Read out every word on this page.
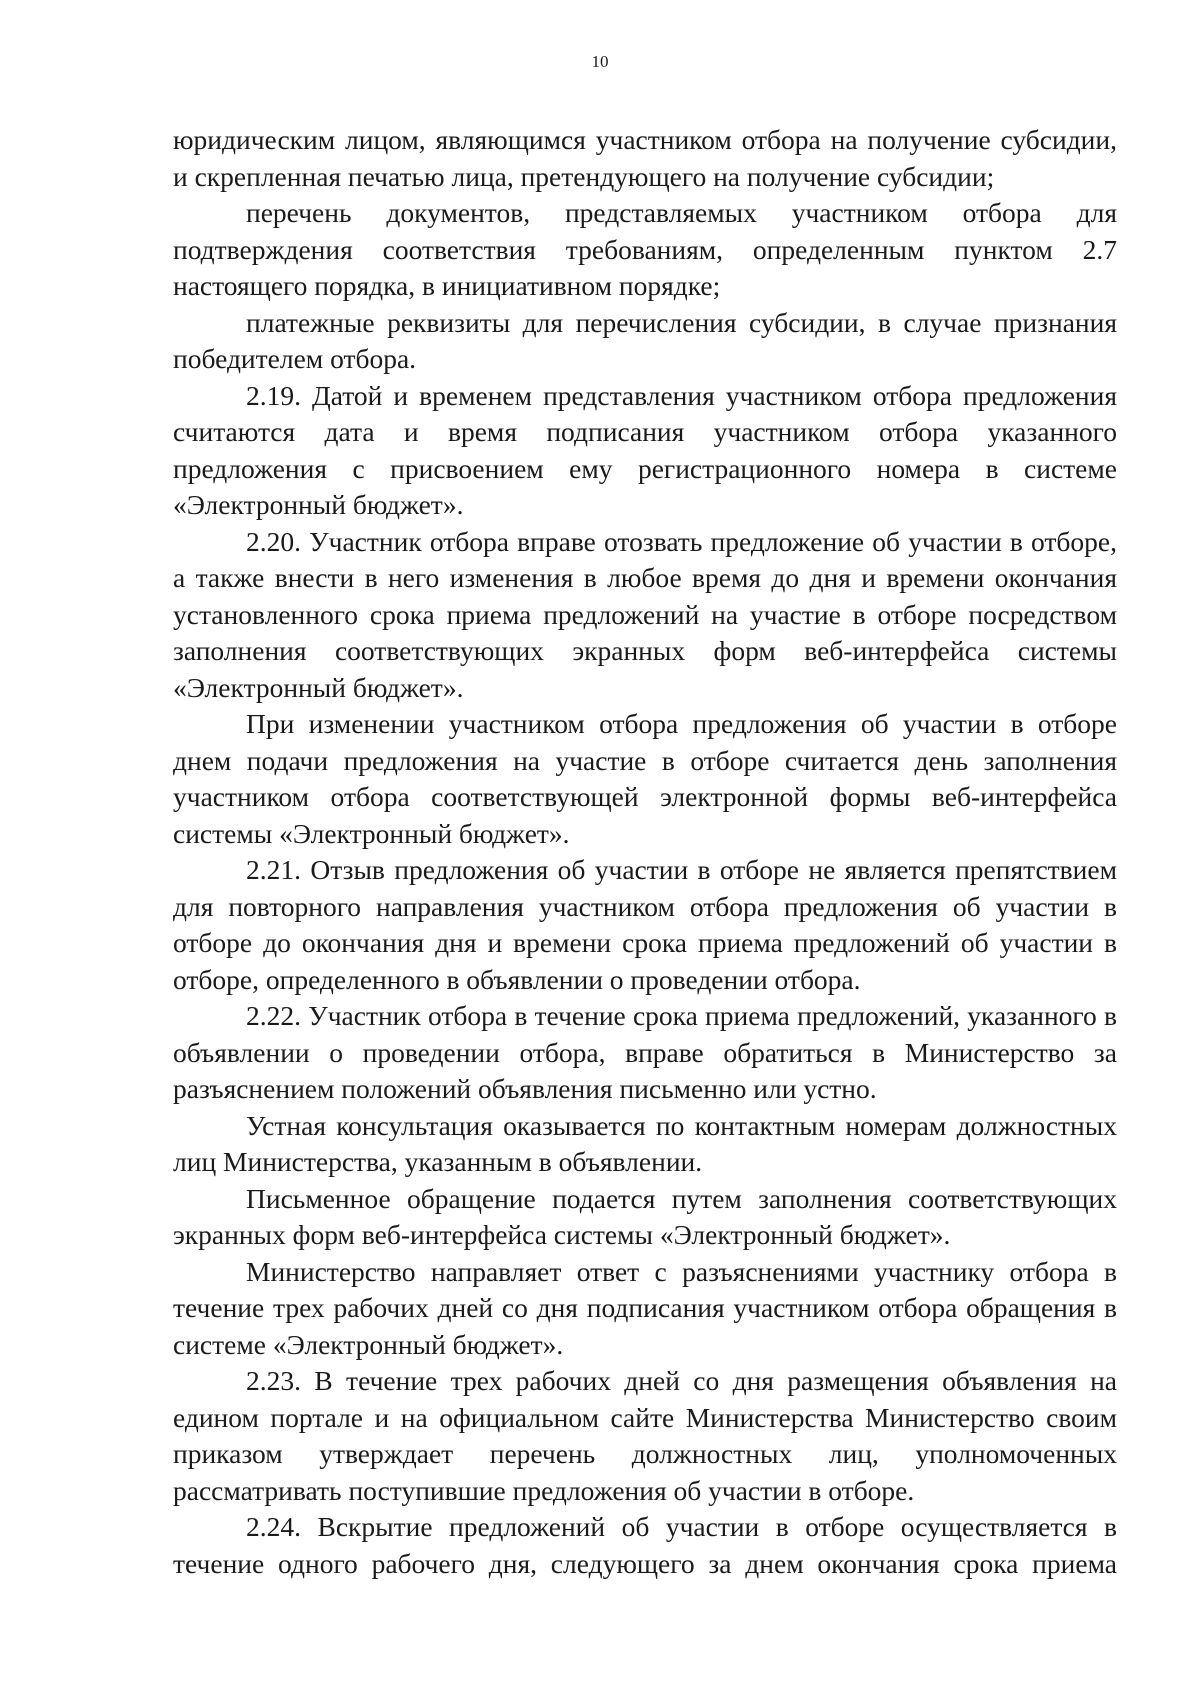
10

юридическим лицом, являющимся участником отбора на получение субсидии, и скрепленная печатью лица, претендующего на получение субсидии;

перечень документов, представляемых участником отбора для подтверждения соответствия требованиям, определенным пунктом 2.7 настоящего порядка, в инициативном порядке;

платежные реквизиты для перечисления субсидии, в случае признания победителем отбора.

2.19. Датой и временем представления участником отбора предложения считаются дата и время подписания участником отбора указанного предложения с присвоением ему регистрационного номера в системе «Электронный бюджет».

2.20. Участник отбора вправе отозвать предложение об участии в отборе, а также внести в него изменения в любое время до дня и времени окончания установленного срока приема предложений на участие в отборе посредством заполнения соответствующих экранных форм веб-интерфейса системы «Электронный бюджет».

При изменении участником отбора предложения об участии в отборе днем подачи предложения на участие в отборе считается день заполнения участником отбора соответствующей электронной формы веб-интерфейса системы «Электронный бюджет».

2.21. Отзыв предложения об участии в отборе не является препятствием для повторного направления участником отбора предложения об участии в отборе до окончания дня и времени срока приема предложений об участии в отборе, определенного в объявлении о проведении отбора.

2.22. Участник отбора в течение срока приема предложений, указанного в объявлении о проведении отбора, вправе обратиться в Министерство за разъяснением положений объявления письменно или устно.

Устная консультация оказывается по контактным номерам должностных лиц Министерства, указанным в объявлении.

Письменное обращение подается путем заполнения соответствующих экранных форм веб-интерфейса системы «Электронный бюджет».

Министерство направляет ответ с разъяснениями участнику отбора в течение трех рабочих дней со дня подписания участником отбора обращения в системе «Электронный бюджет».

2.23. В течение трех рабочих дней со дня размещения объявления на едином портале и на официальном сайте Министерства Министерство своим приказом утверждает перечень должностных лиц, уполномоченных рассматривать поступившие предложения об участии в отборе.

2.24. Вскрытие предложений об участии в отборе осуществляется в течение одного рабочего дня, следующего за днем окончания срока приема
